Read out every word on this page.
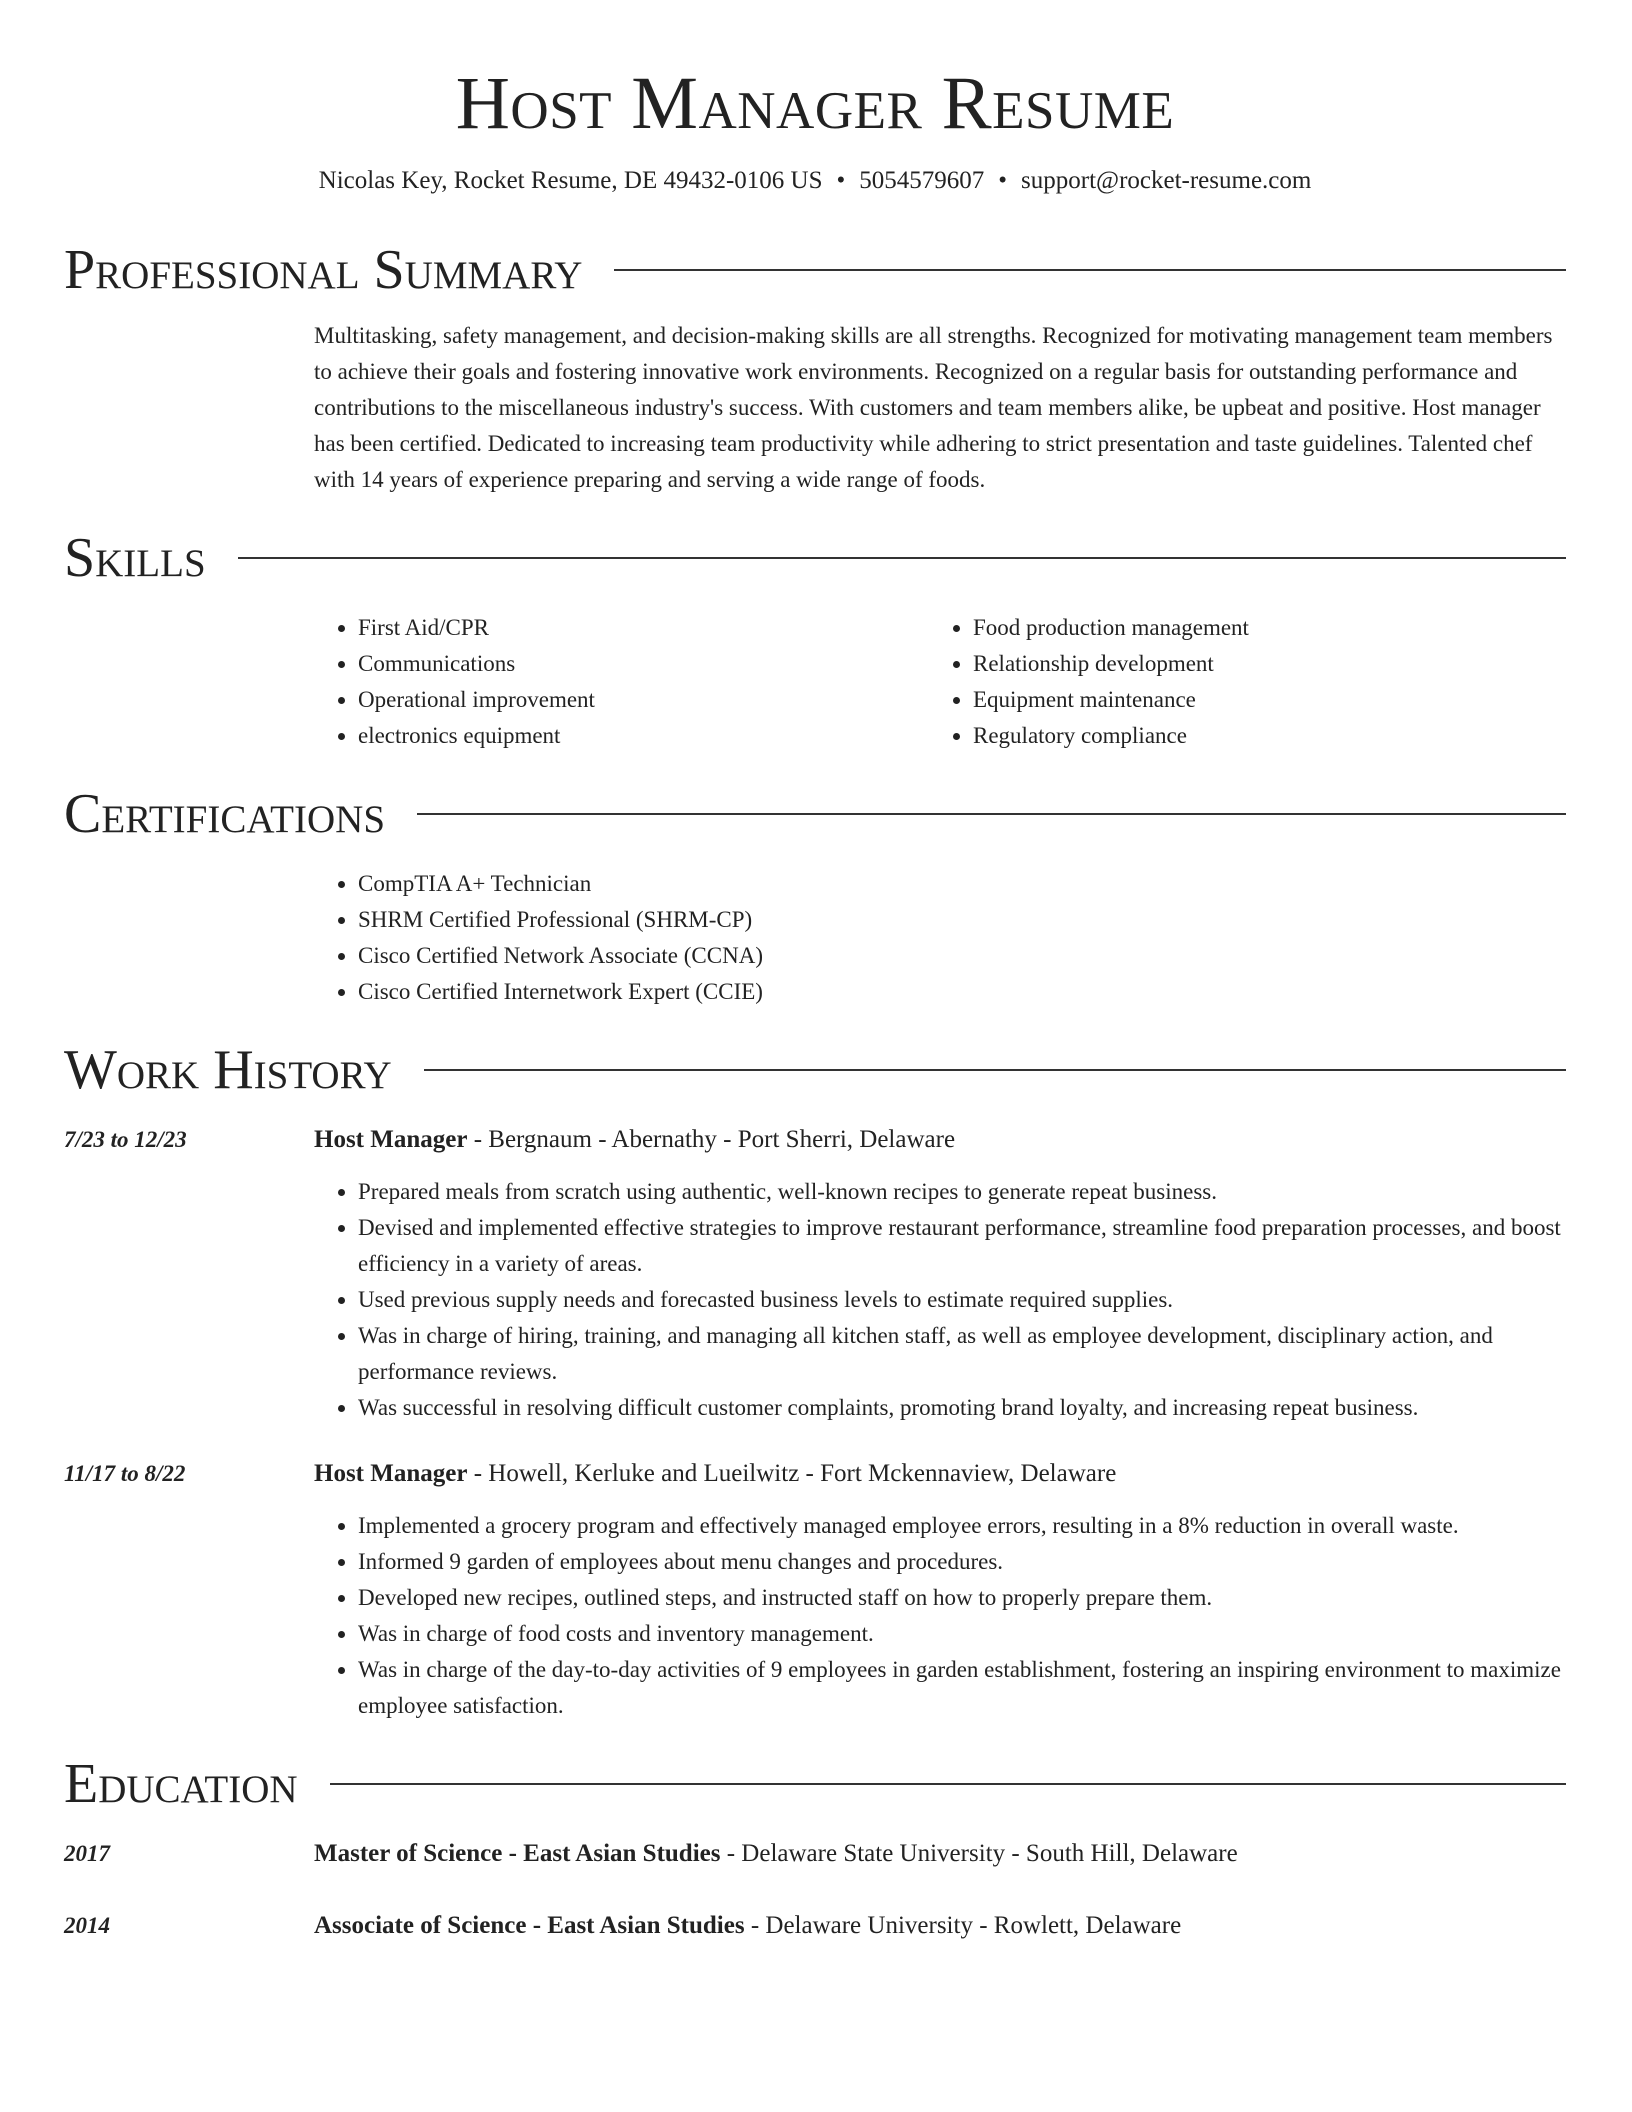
Host Manager Resume
Nicolas Key, Rocket Resume, DE 49432-0106 US • 5054579607 • support@rocket-resume.com
Professional Summary
Multitasking, safety management, and decision-making skills are all strengths. Recognized for motivating management team members to achieve their goals and fostering innovative work environments. Recognized on a regular basis for outstanding performance and contributions to the miscellaneous industry's success. With customers and team members alike, be upbeat and positive. Host manager has been certified. Dedicated to increasing team productivity while adhering to strict presentation and taste guidelines. Talented chef with 14 years of experience preparing and serving a wide range of foods.
Skills
• First Aid/CPR
• Communications
• Operational improvement
• electronics equipment
• Food production management
• Relationship development
• Equipment maintenance
• Regulatory compliance
Certifications
• CompTIA A+ Technician
• SHRM Certified Professional (SHRM-CP)
• Cisco Certified Network Associate (CCNA)
• Cisco Certified Internetwork Expert (CCIE)
Work History
7/23 to 12/23	Host Manager - Bergnaum - Abernathy - Port Sherri, Delaware
• Prepared meals from scratch using authentic, well-known recipes to generate repeat business.
• Devised and implemented effective strategies to improve restaurant performance, streamline food preparation processes, and boost efficiency in a variety of areas.
• Used previous supply needs and forecasted business levels to estimate required supplies.
• Was in charge of hiring, training, and managing all kitchen staff, as well as employee development, disciplinary action, and performance reviews.
• Was successful in resolving difficult customer complaints, promoting brand loyalty, and increasing repeat business.
11/17 to 8/22	Host Manager - Howell, Kerluke and Lueilwitz - Fort Mckennaview, Delaware
• Implemented a grocery program and effectively managed employee errors, resulting in a 8% reduction in overall waste.
• Informed 9 garden of employees about menu changes and procedures.
• Developed new recipes, outlined steps, and instructed staff on how to properly prepare them.
• Was in charge of food costs and inventory management.
• Was in charge of the day-to-day activities of 9 employees in garden establishment, fostering an inspiring environment to maximize employee satisfaction.
Education
2017	Master of Science - East Asian Studies - Delaware State University - South Hill, Delaware
2014	Associate of Science - East Asian Studies - Delaware University - Rowlett, Delaware
